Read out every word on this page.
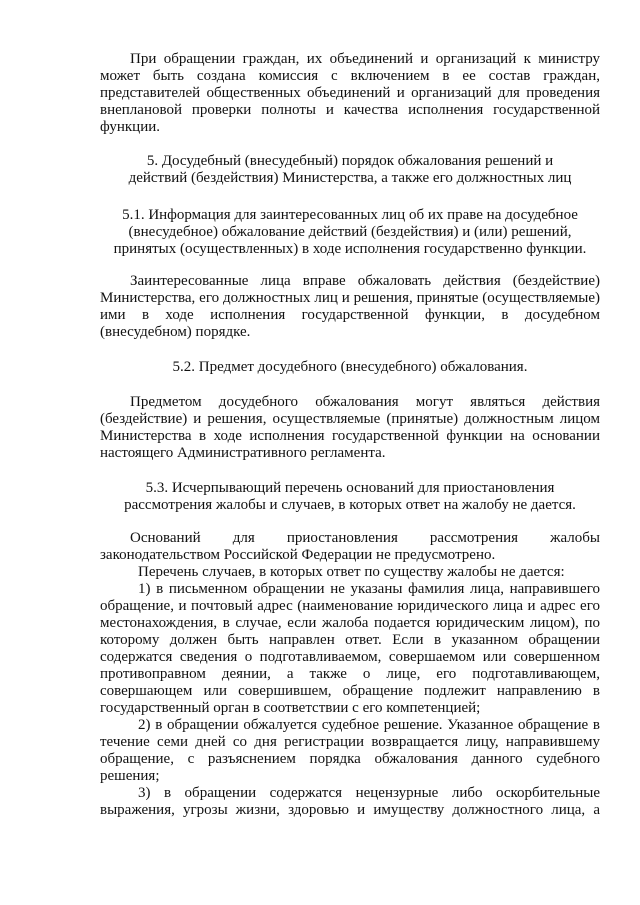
При обращении граждан, их объединений и организаций к министру
может быть создана комиссия с включением в ее состав граждан,
представителей общественных объединений и организаций для проведения
внеплановой проверки полноты и качества исполнения государственной
функции.
5. Досудебный (внесудебный) порядок обжалования решений и
действий (бездействия) Министерства, а также его должностных лиц
5.1. Информация для заинтересованных лиц об их праве на досудебное
(внесудебное) обжалование действий (бездействия) и (или) решений,
принятых (осуществленных) в ходе исполнения государственно функции.
Заинтересованные лица вправе обжаловать действия (бездействие)
Министерства, его должностных лиц и решения, принятые (осуществляемые)
ими в ходе исполнения государственной функции, в досудебном
(внесудебном) порядке.
5.2. Предмет досудебного (внесудебного) обжалования.
Предметом досудебного обжалования могут являться действия
(бездействие) и решения, осуществляемые (принятые) должностным лицом
Министерства в ходе исполнения государственной функции на основании
настоящего Административного регламента.
5.3. Исчерпывающий перечень оснований для приостановления
рассмотрения жалобы и случаев, в которых ответ на жалобу не дается.
Оснований для приостановления рассмотрения жалобы
законодательством Российской Федерации не предусмотрено.
Перечень случаев, в которых ответ по существу жалобы не дается:
1) в письменном обращении не указаны фамилия лица, направившего
обращение, и почтовый адрес (наименование юридического лица и адрес его
местонахождения, в случае, если жалоба подается юридическим лицом), по
которому должен быть направлен ответ. Если в указанном обращении
содержатся сведения о подготавливаемом, совершаемом или совершенном
противоправном деянии, а также о лице, его подготавливающем,
совершающем или совершившем, обращение подлежит направлению в
государственный орган в соответствии с его компетенцией;
2) в обращении обжалуется судебное решение. Указанное обращение в
течение семи дней со дня регистрации возвращается лицу, направившему
обращение, с разъяснением порядка обжалования данного судебного
решения;
3) в обращении содержатся нецензурные либо оскорбительные
выражения, угрозы жизни, здоровью и имуществу должностного лица, а
